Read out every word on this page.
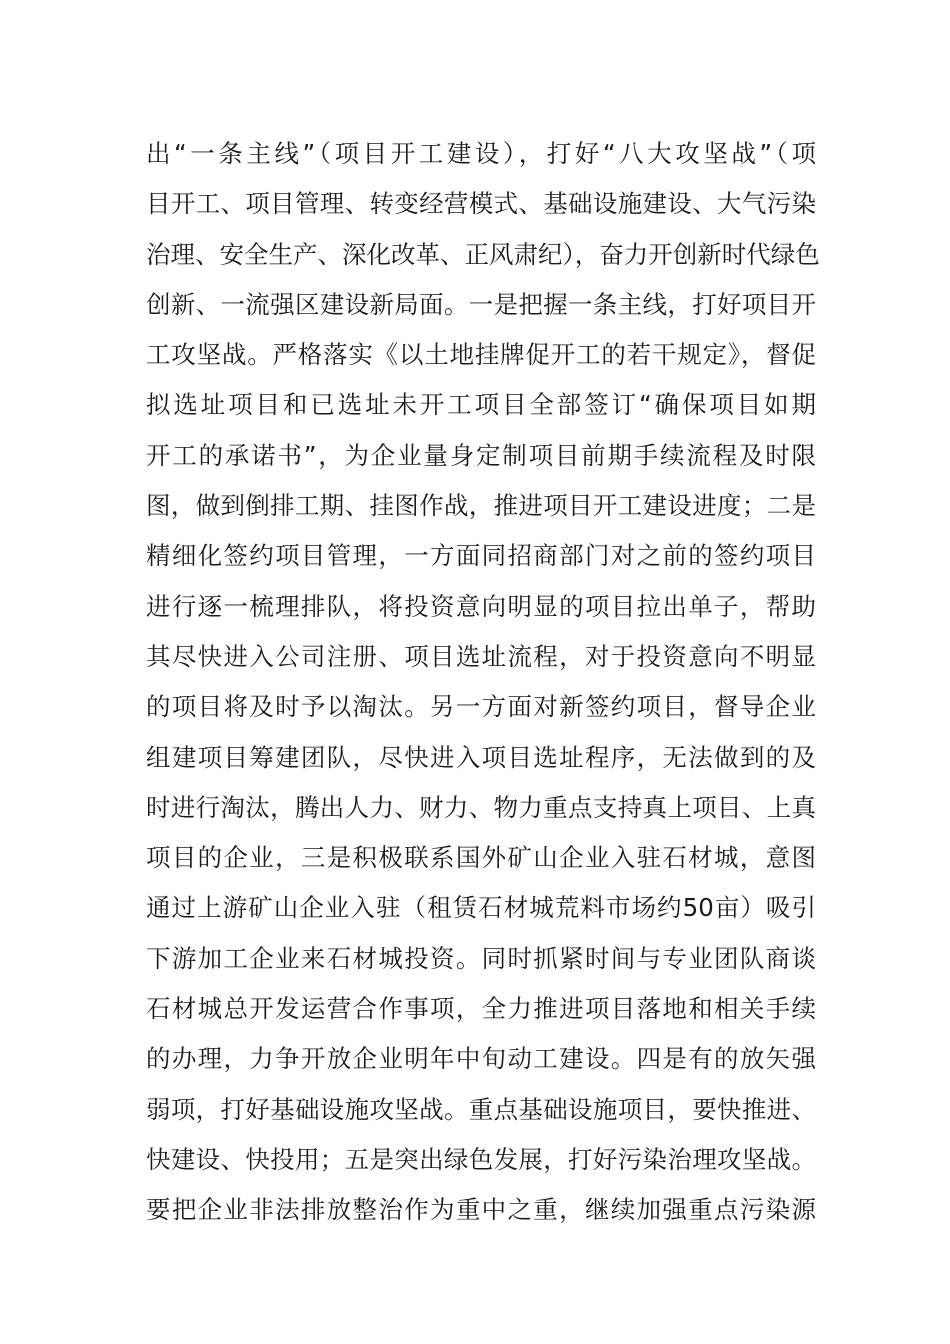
出“一条主线”（项目开工建设），打好“八大攻坚战”（项
目开工、项目管理、转变经营模式、基础设施建设、大气污染
治理、安全生产、深化改革、正风肃纪），奋力开创新时代绿色
创新、一流强区建设新局面。一是把握一条主线，打好项目开
工攻坚战。严格落实《以土地挂牌促开工的若干规定》，督促
拟选址项目和已选址未开工项目全部签订“确保项目如期
开工的承诺书”，为企业量身定制项目前期手续流程及时限
图，做到倒排工期、挂图作战，推进项目开工建设进度；二是
精细化签约项目管理，一方面同招商部门对之前的签约项目
进行逐一梳理排队，将投资意向明显的项目拉出单子，帮助
其尽快进入公司注册、项目选址流程，对于投资意向不明显
的项目将及时予以淘汰。另一方面对新签约项目，督导企业
组建项目筹建团队，尽快进入项目选址程序，无法做到的及
时进行淘汰，腾出人力、财力、物力重点支持真上项目、上真
项目的企业，三是积极联系国外矿山企业入驻石材城，意图
通过上游矿山企业入驻（租赁石材城荒料市场约50亩）吸引
下游加工企业来石材城投资。同时抓紧时间与专业团队商谈
石材城总开发运营合作事项，全力推进项目落地和相关手续
的办理，力争开放企业明年中旬动工建设。四是有的放矢强
弱项，打好基础设施攻坚战。重点基础设施项目，要快推进、
快建设、快投用；五是突出绿色发展，打好污染治理攻坚战。
要把企业非法排放整治作为重中之重，继续加强重点污染源
